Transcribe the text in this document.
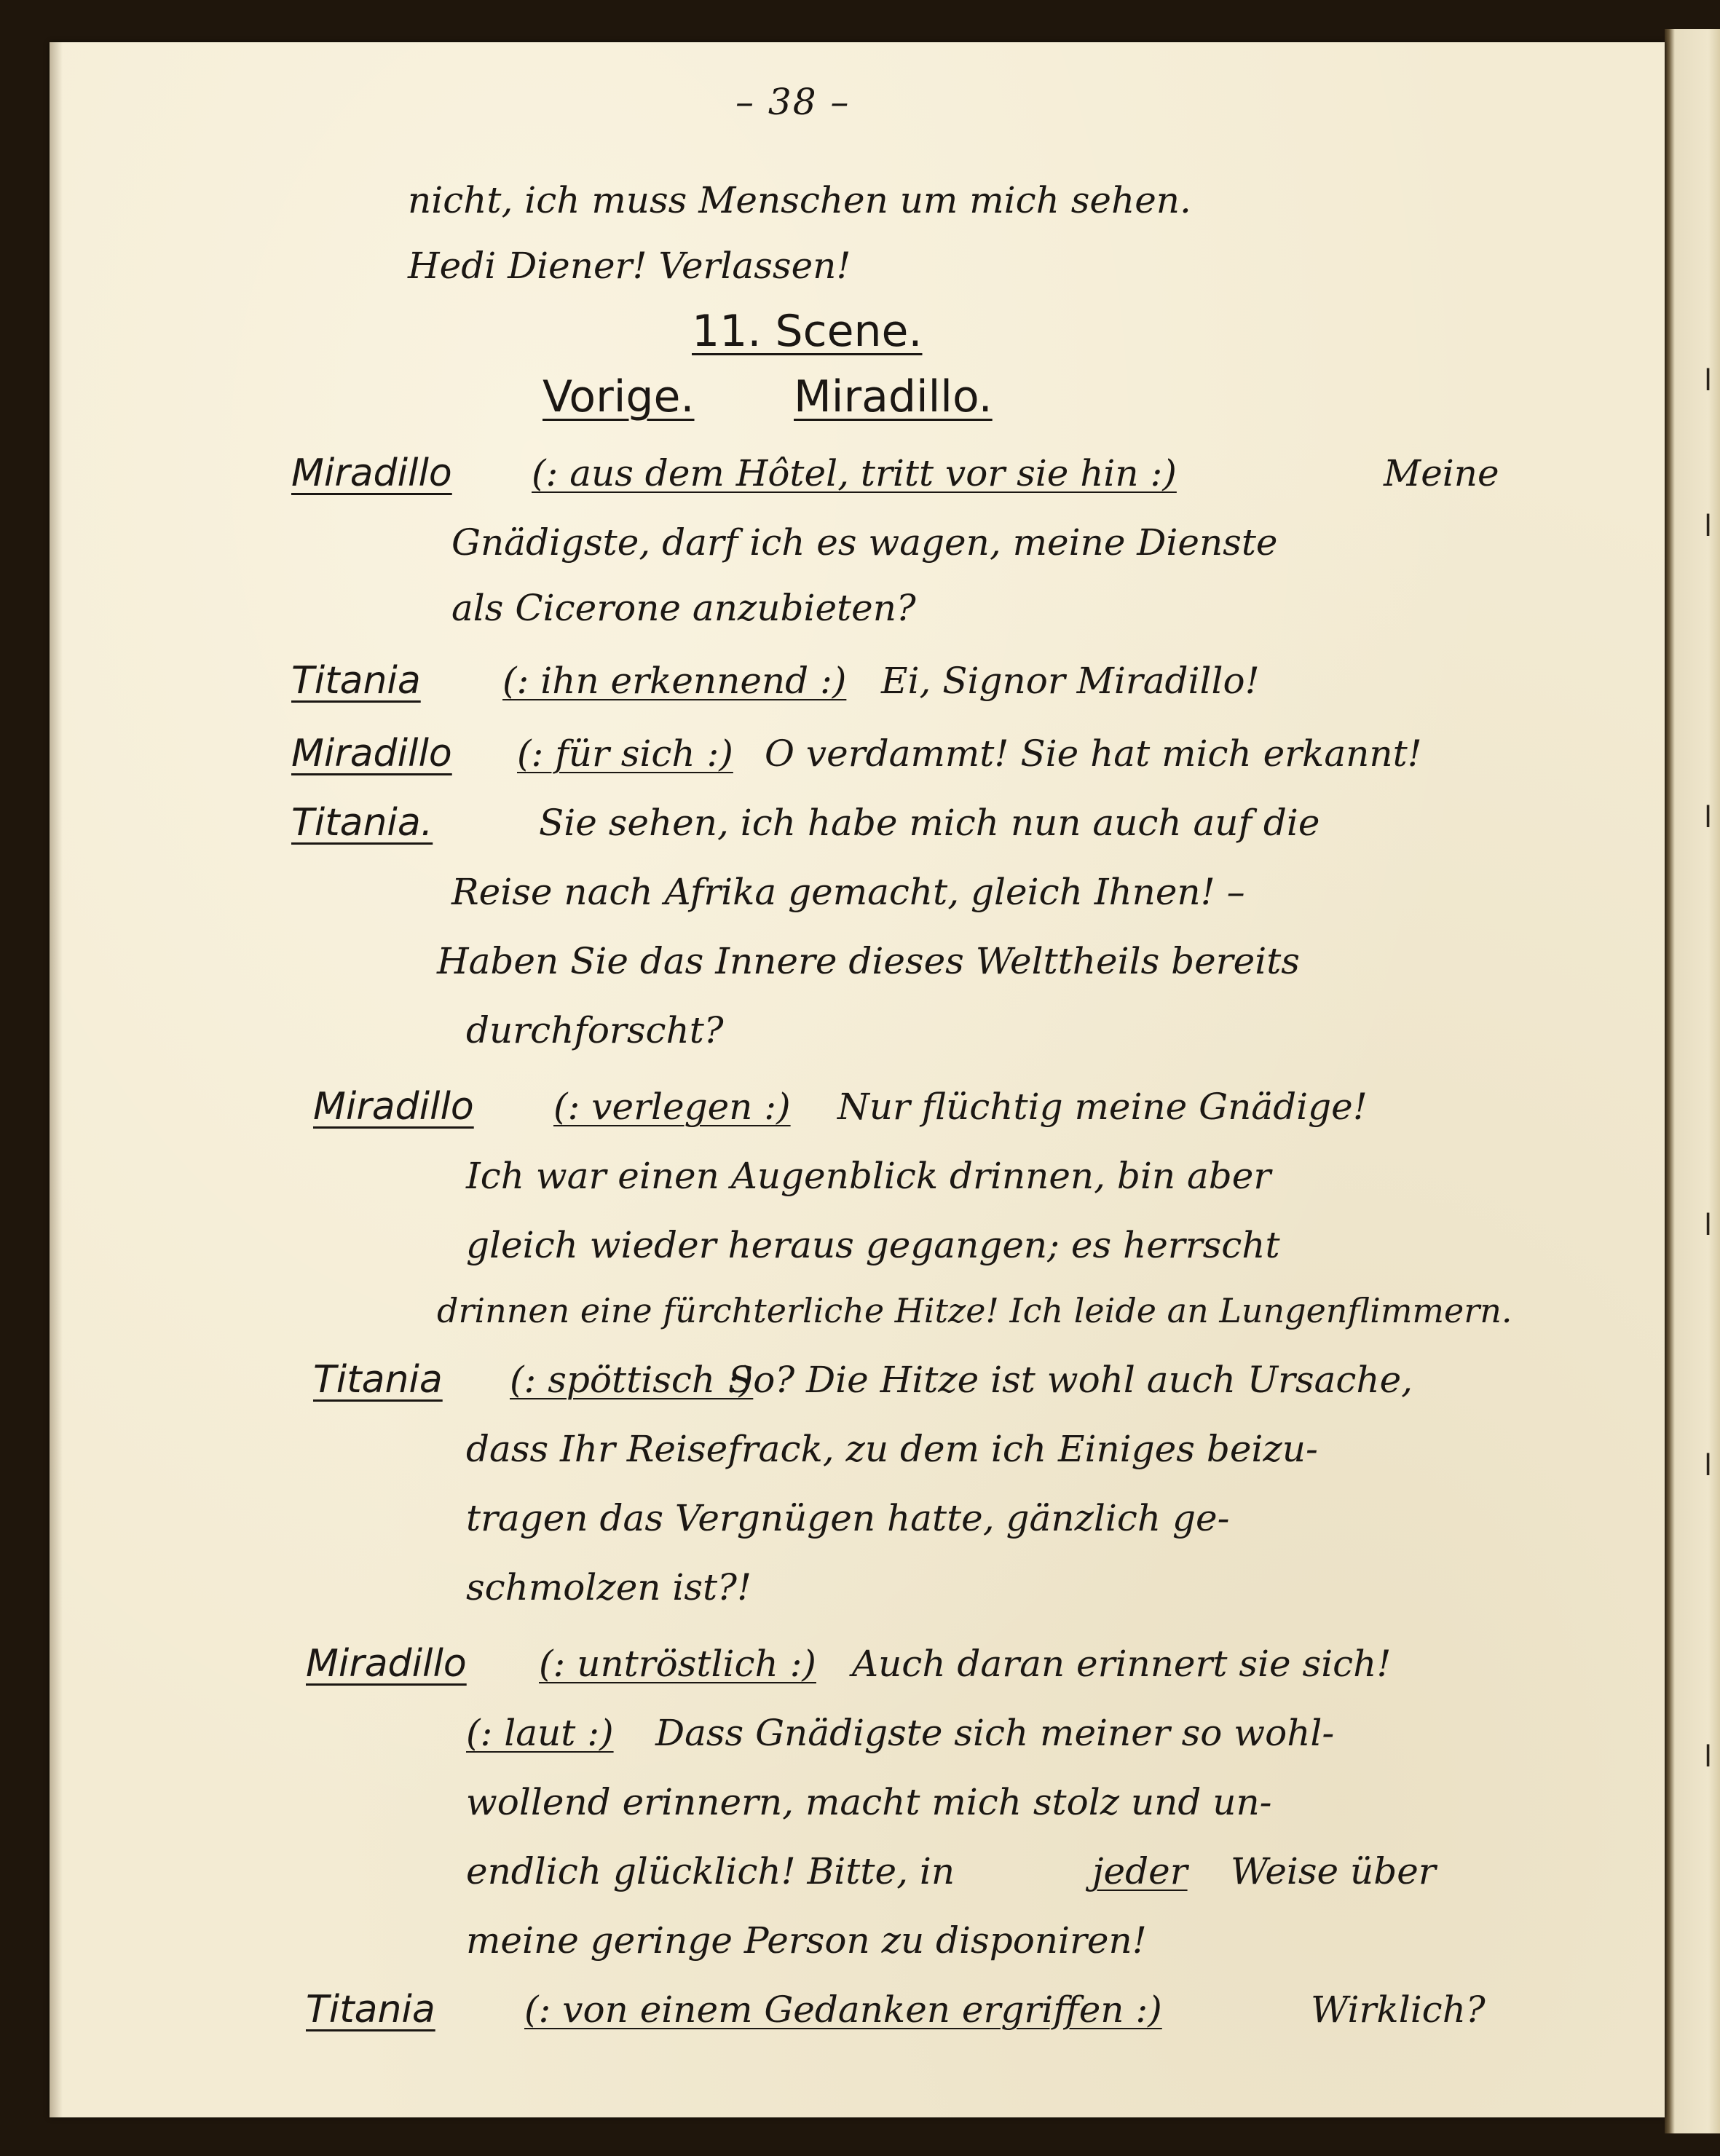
l
l
l
l
l
l
– 38 –
nicht, ich muss Menschen um mich sehen.
Hedi Diener! Verlassen!
11. Scene.
Vorige. Miradillo.
Miradillo (: aus dem Hôtel, tritt vor sie hin :)	Meine
Gnädigste, darf ich es wagen, meine Dienste
als Cicerone anzubieten?
Titania (: ihn erkennend :) Ei, Signor Miradillo!
Miradillo (: für sich :) O verdammt! Sie hat mich erkannt!
Titania.	Sie sehen, ich habe mich nun auch auf die
Reise nach Afrika gemacht, gleich Ihnen! –
Haben Sie das Innere dieses Welttheils bereits
durchforscht?
Miradillo (: verlegen :) Nur flüchtig meine Gnädige!
Ich war einen Augenblick drinnen, bin aber
gleich wieder heraus gegangen; es herrscht
drinnen eine fürchterliche Hitze! Ich leide an Lungenflimmern.
Titania (: spöttisch :)
So? Die Hitze ist wohl auch Ursache,
dass Ihr Reisefrack, zu dem ich Einiges beizu-
tragen das Vergnügen hatte, gänzlich ge-
schmolzen ist?!
Miradillo (: untröstlich :) Auch daran erinnert sie sich!
(: laut :) Dass Gnädigste sich meiner so wohl-
wollend erinnern, macht mich stolz und un-
endlich glücklich! Bitte, in	jeder Weise über
meine geringe Person zu disponiren!
Titania (: von einem Gedanken ergriffen :)	Wirklich?
